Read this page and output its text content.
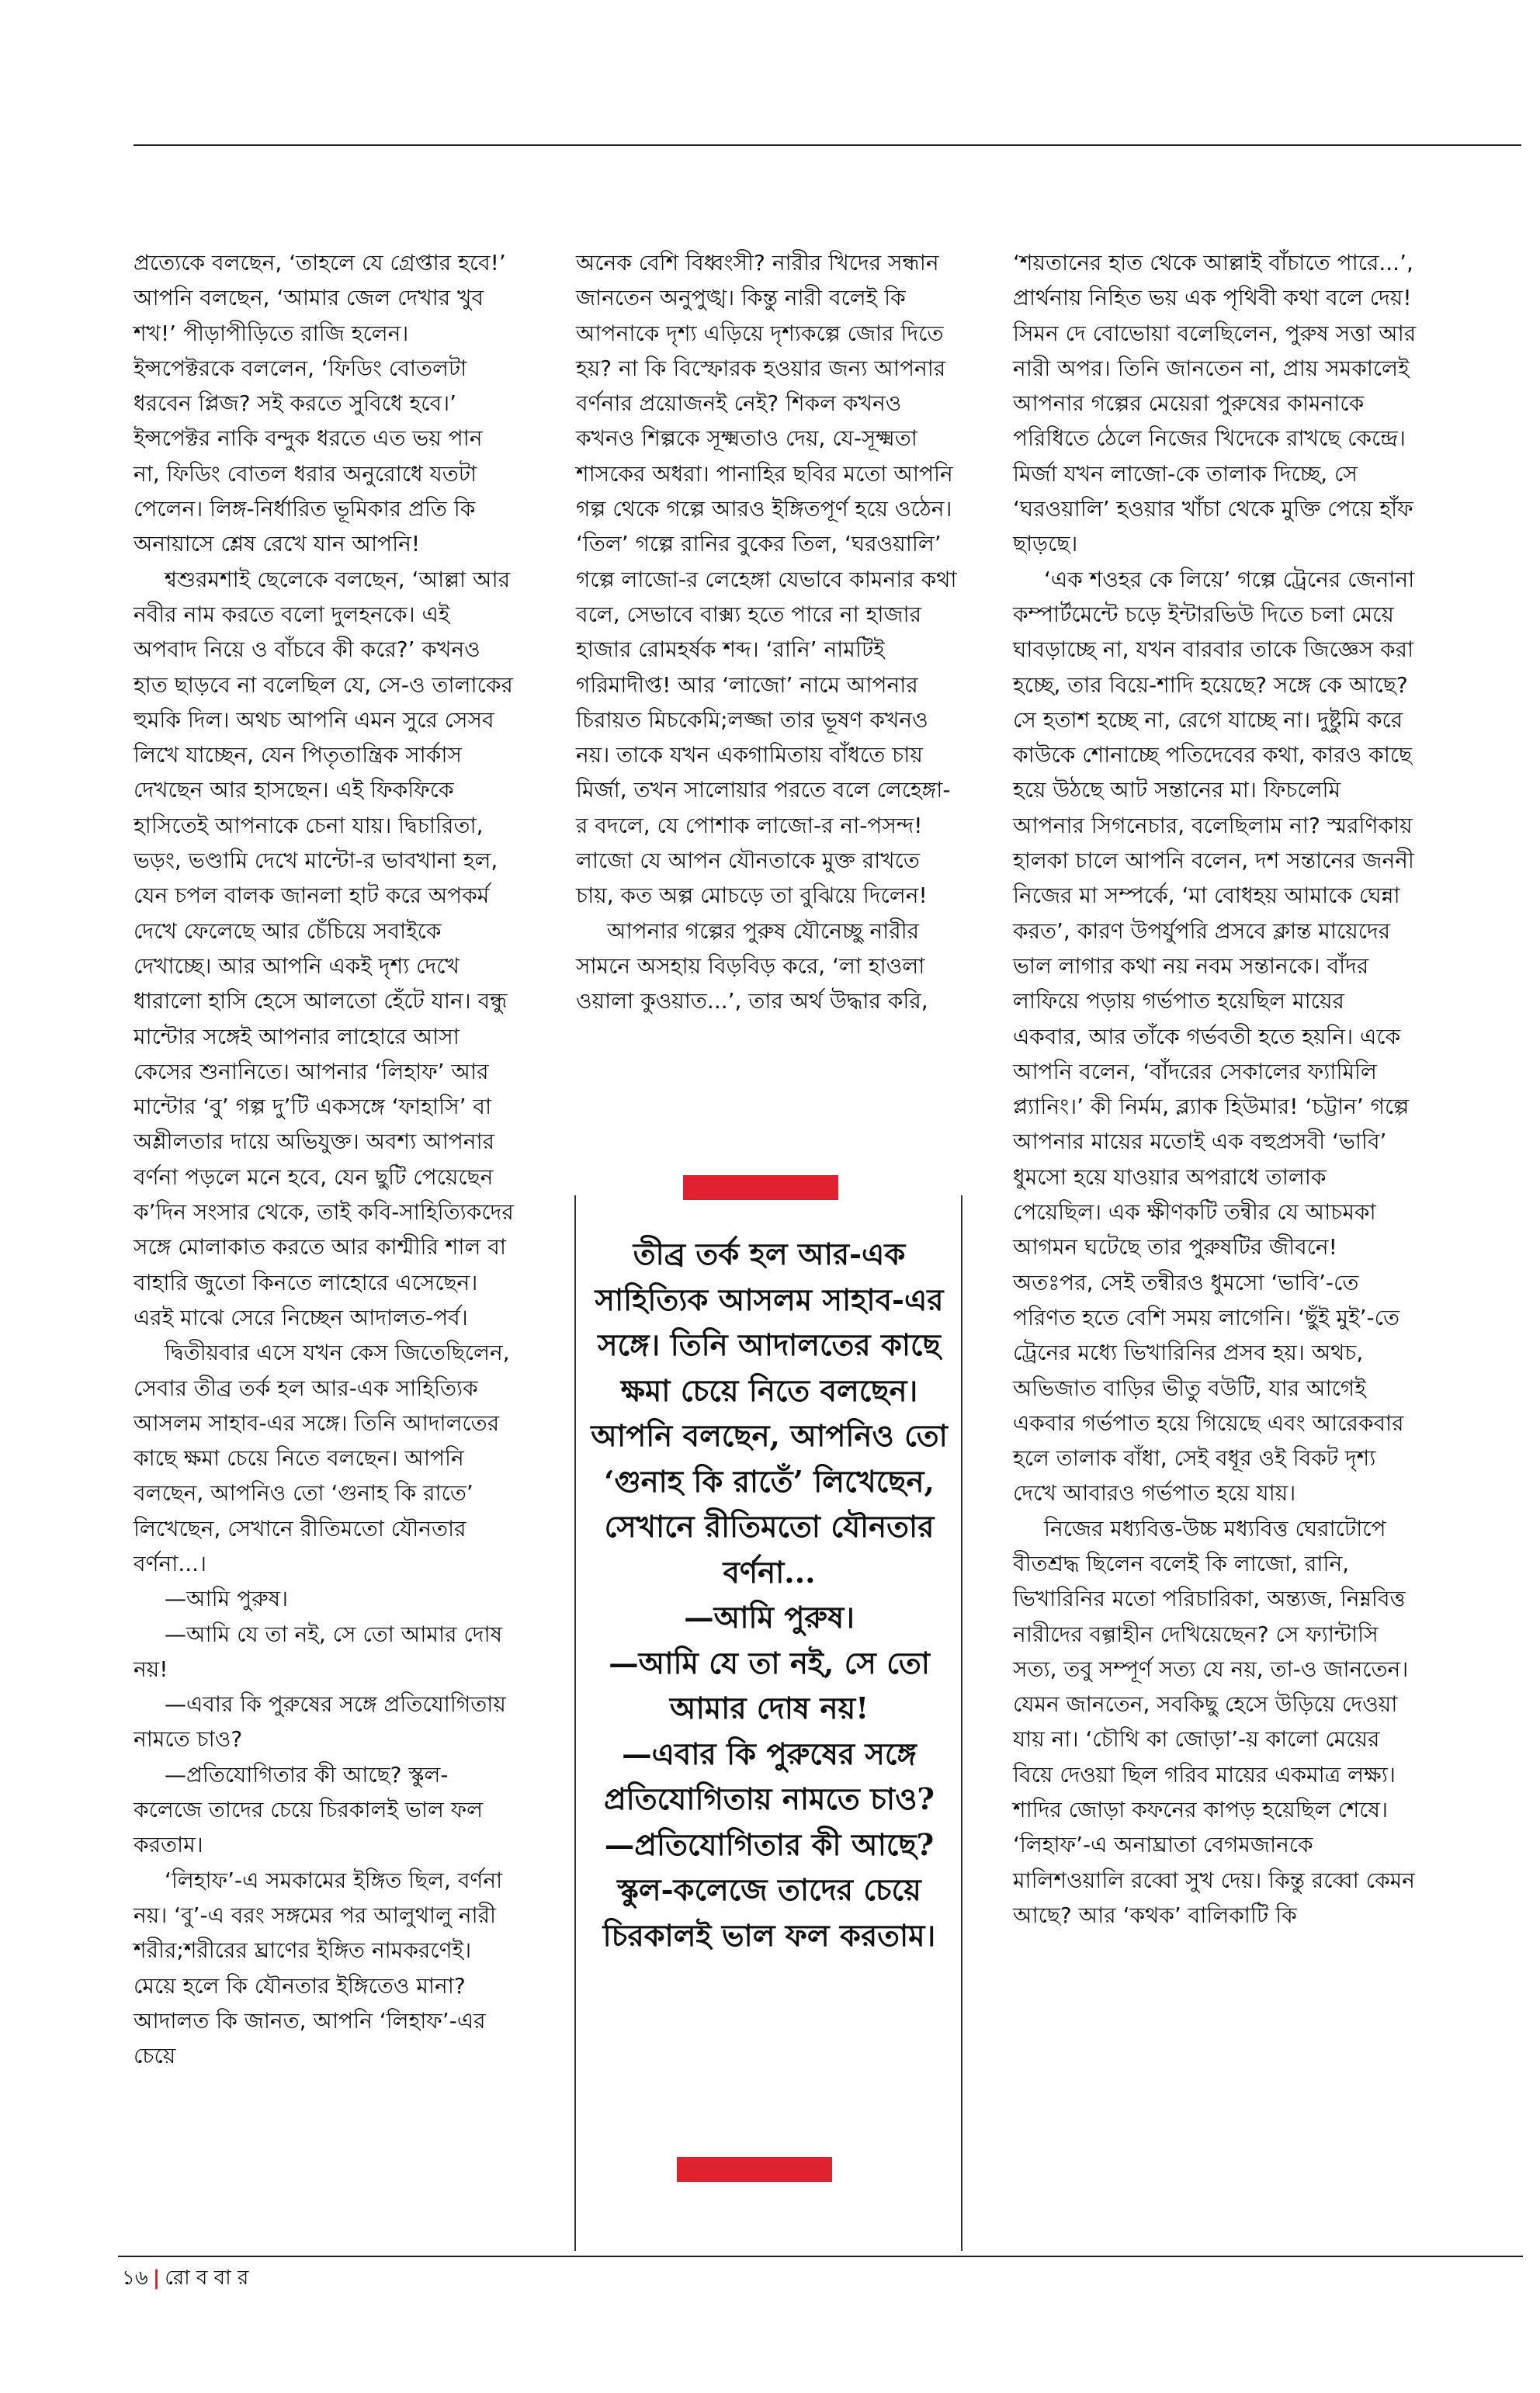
প্রত্যেকে বলছেন, ‘তাহলে যে গ্রেপ্তার হবে!’ আপনি বলছেন, ‘আমার জেল দেখার খুব শখ!’ পীড়াপীড়িতে রাজি হলেন। ইন্সপেক্টরকে বললেন, ‘ফিডিং বোতলটা ধরবেন প্লিজ? সই করতে সুবিধে হবে।’ ইন্সপেক্টর নাকি বন্দুক ধরতে এত ভয় পান না, ফিডিং বোতল ধরার অনুরোধে যতটা পেলেন। লিঙ্গ-নির্ধারিত ভূমিকার প্রতি কি অনায়াসে শ্লেষ রেখে যান আপনি!

শ্বশুরমশাই ছেলেকে বলছেন, ‘আল্লা আর নবীর নাম করতে বলো দুলহনকে। এই অপবাদ নিয়ে ও বাঁচবে কী করে?’ কখনও হাত ছাড়বে না বলেছিল যে, সে-ও তালাকের হুমকি দিল। অথচ আপনি এমন সুরে সেসব লিখে যাচ্ছেন, যেন পিতৃতান্ত্রিক সার্কাস দেখছেন আর হাসছেন। এই ফিকফিকে হাসিতেই আপনাকে চেনা যায়। দ্বিচারিতা, ভড়ং, ভণ্ডামি দেখে মান্টো-র ভাবখানা হল, যেন চপল বালক জানলা হাট করে অপকর্ম দেখে ফেলেছে আর চেঁচিয়ে সবাইকে দেখাচ্ছে। আর আপনি একই দৃশ্য দেখে ধারালো হাসি হেসে আলতো হেঁটে যান। বন্ধু মান্টোর সঙ্গেই আপনার লাহোরে আসা কেসের শুনানিতে। আপনার ‘লিহাফ’ আর মান্টোর ‘বু’ গল্প দু’টি একসঙ্গে ‘ফাহাসি’ বা অশ্লীলতার দায়ে অভিযুক্ত। অবশ্য আপনার বর্ণনা পড়লে মনে হবে, যেন ছুটি পেয়েছেন ক’দিন সংসার থেকে, তাই কবি-সাহিত্যিকদের সঙ্গে মোলাকাত করতে আর কাশ্মীরি শাল বা বাহারি জুতো কিনতে লাহোরে এসেছেন। এরই মাঝে সেরে নিচ্ছেন আদালত-পর্ব।

দ্বিতীয়বার এসে যখন কেস জিতেছিলেন, সেবার তীব্র তর্ক হল আর-এক সাহিত্যিক আসলম সাহাব-এর সঙ্গে। তিনি আদালতের কাছে ক্ষমা চেয়ে নিতে বলছেন। আপনি বলছেন, আপনিও তো ‘গুনাহ কি রাতে’ লিখেছেন, সেখানে রীতিমতো যৌনতার বর্ণনা...।

—আমি পুরুষ।

—আমি যে তা নই, সে তো আমার দোষ নয়!

—এবার কি পুরুষের সঙ্গে প্রতিযোগিতায় নামতে চাও?

—প্রতিযোগিতার কী আছে? স্কুল-কলেজে তাদের চেয়ে চিরকালই ভাল ফল করতাম।

‘লিহাফ’-এ সমকামের ইঙ্গিত ছিল, বর্ণনা নয়। ‘বু’-এ বরং সঙ্গমের পর আলুথালু নারী শরীর;শরীরের ঘ্রাণের ইঙ্গিত নামকরণেই। মেয়ে হলে কি যৌনতার ইঙ্গিতেও মানা? আদালত কি জানত, আপনি ‘লিহাফ’-এর চেয়ে

অনেক বেশি বিধ্বংসী? নারীর খিদের সন্ধান জানতেন অনুপুঙ্খ। কিন্তু নারী বলেই কি আপনাকে দৃশ্য এড়িয়ে দৃশ্যকল্পে জোর দিতে হয়? না কি বিস্ফোরক হওয়ার জন্য আপনার বর্ণনার প্রয়োজনই নেই? শিকল কখনও কখনও শিল্পকে সূক্ষ্মতাও দেয়, যে-সূক্ষ্মতা শাসকের অধরা। পানাহির ছবির মতো আপনি গল্প থেকে গল্পে আরও ইঙ্গিতপূর্ণ হয়ে ওঠেন। ‘তিল’ গল্পে রানির বুকের তিল, ‘ঘরওয়ালি’ গল্পে লাজো-র লেহেঙ্গা যেভাবে কামনার কথা বলে, সেভাবে বাক্স্য হতে পারে না হাজার হাজার রোমহর্ষক শব্দ। ‘রানি’ নামটিই গরিমাদীপ্ত! আর ‘লাজো’ নামে আপনার চিরায়ত মিচকেমি;লজ্জা তার ভূষণ কখনও নয়। তাকে যখন একগামিতায় বাঁধতে চায় মির্জা, তখন সালোয়ার পরতে বলে লেহেঙ্গা-র বদলে, যে পোশাক লাজো-র না-পসন্দ! লাজো যে আপন যৌনতাকে মুক্ত রাখতে চায়, কত অল্প মোচড়ে তা বুঝিয়ে দিলেন!

আপনার গল্পের পুরুষ যৌনেচ্ছু নারীর সামনে অসহায় বিড়বিড় করে, ‘লা হাওলা ওয়ালা কুওয়াত...’, তার অর্থ উদ্ধার করি,

তীব্র তর্ক হল আর-এক সাহিত্যিক আসলম সাহাব-এর সঙ্গে। তিনি আদালতের কাছে ক্ষমা চেয়ে নিতে বলছেন। আপনি বলছেন, আপনিও তো ‘গুনাহ কি রাতেঁ’ লিখেছেন, সেখানে রীতিমতো যৌনতার বর্ণনা...

—আমি পুরুষ।

—আমি যে তা নই, সে তো আমার দোষ নয়!

—এবার কি পুরুষের সঙ্গে প্রতিযোগিতায় নামতে চাও?

—প্রতিযোগিতার কী আছে? স্কুল-কলেজে তাদের চেয়ে চিরকালই ভাল ফল করতাম।

‘শয়তানের হাত থেকে আল্লাই বাঁচাতে পারে...’, প্রার্থনায় নিহিত ভয় এক পৃথিবী কথা বলে দেয়! সিমন দে বোভোয়া বলেছিলেন, পুরুষ সত্তা আর নারী অপর। তিনি জানতেন না, প্রায় সমকালেই আপনার গল্পের মেয়েরা পুরুষের কামনাকে পরিধিতে ঠেলে নিজের খিদেকে রাখছে কেন্দ্রে। মির্জা যখন লাজো-কে তালাক দিচ্ছে, সে ‘ঘরওয়ালি’ হওয়ার খাঁচা থেকে মুক্তি পেয়ে হাঁফ ছাড়ছে।

‘এক শওহর কে লিয়ে’ গল্পে ট্রেনের জেনানা কম্পার্টমেন্টে চড়ে ইন্টারভিউ দিতে চলা মেয়ে ঘাবড়াচ্ছে না, যখন বারবার তাকে জিজ্ঞেস করা হচ্ছে, তার বিয়ে-শাদি হয়েছে? সঙ্গে কে আছে? সে হতাশ হচ্ছে না, রেগে যাচ্ছে না। দুষ্টুমি করে কাউকে শোনাচ্ছে পতিদেবের কথা, কারও কাছে হয়ে উঠছে আট সন্তানের মা। ফিচলেমি আপনার সিগনেচার, বলেছিলাম না? স্মরণিকায় হালকা চালে আপনি বলেন, দশ সন্তানের জননী নিজের মা সম্পর্কে, ‘মা বোধহয় আমাকে ঘেন্না করত’, কারণ উপর্যুপরি প্রসবে ক্লান্ত মায়েদের ভাল লাগার কথা নয় নবম সন্তানকে। বাঁদর লাফিয়ে পড়ায় গর্ভপাত হয়েছিল মায়ের একবার, আর তাঁকে গর্ভবতী হতে হয়নি। একে আপনি বলেন, ‘বাঁদরের সেকালের ফ্যামিলি প্ল্যানিং।’ কী নির্মম, ব্ল্যাক হিউমার! ‘চট্টান’ গল্পে আপনার মায়ের মতোই এক বহুপ্রসবী ‘ভাবি’ ধুমসো হয়ে যাওয়ার অপরাধে তালাক পেয়েছিল। এক ক্ষীণকটি তন্বীর যে আচমকা আগমন ঘটেছে তার পুরুষটির জীবনে! অতঃপর, সেই তন্বীরও ধুমসো ‘ভাবি’-তে পরিণত হতে বেশি সময় লাগেনি। ‘ছুঁই মুই’-তে ট্রেনের মধ্যে ভিখারিনির প্রসব হয়। অথচ, অভিজাত বাড়ির ভীতু বউটি, যার আগেই একবার গর্ভপাত হয়ে গিয়েছে এবং আরেকবার হলে তালাক বাঁধা, সেই বধূর ওই বিকট দৃশ্য দেখে আবারও গর্ভপাত হয়ে যায়।

নিজের মধ্যবিত্ত-উচ্চ মধ্যবিত্ত ঘেরাটোপে বীতশ্রদ্ধ ছিলেন বলেই কি লাজো, রানি, ভিখারিনির মতো পরিচারিকা, অন্ত্যজ, নিম্নবিত্ত নারীদের বল্গাহীন দেখিয়েছেন? সে ফ্যান্টাসি সত্য, তবু সম্পূর্ণ সত্য যে নয়, তা-ও জানতেন। যেমন জানতেন, সবকিছু হেসে উড়িয়ে দেওয়া যায় না। ‘চৌথি কা জোড়া’-য় কালো মেয়ের বিয়ে দেওয়া ছিল গরিব মায়ের একমাত্র লক্ষ্য। শাদির জোড়া কফনের কাপড় হয়েছিল শেষে। ‘লিহাফ’-এ অনাঘ্রাতা বেগমজানকে মালিশওয়ালি রব্বো সুখ দেয়। কিন্তু রব্বো কেমন আছে? আর ‘কথক’ বালিকাটি কি

১৬ | রো ব বা র
